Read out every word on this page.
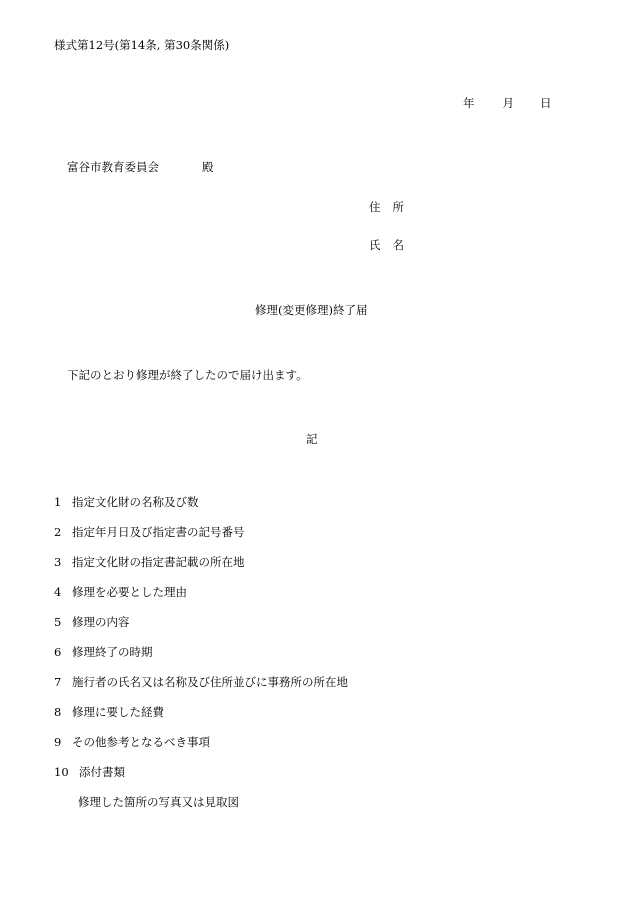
様式第12号(第14条, 第30条関係)
年 月 日
富谷市教育委員会	殿
住 所
氏 名
修理(変更修理)終了届
下記のとおり修理が終了したので届け出ます。
記
1 指定文化財の名称及び数
2 指定年月日及び指定書の記号番号
3 指定文化財の指定書記載の所在地
4 修理を必要とした理由
5 修理の内容
6 修理終了の時期
7 施行者の氏名又は名称及び住所並びに事務所の所在地
8 修理に要した経費
9 その他参考となるべき事項
10 添付書類
修理した箇所の写真又は見取図
